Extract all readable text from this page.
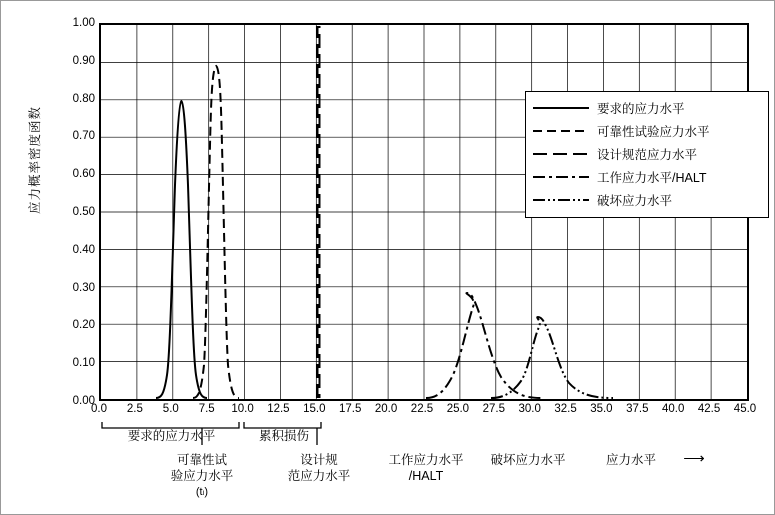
应力概率密度函数
1.00
0.90
0.80
0.70
0.60
0.50
0.40
0.30
0.20
0.10
0.00
要求的应力水平
可靠性试验应力水平
设计规范应力水平
工作应力水平/HALT
破坏应力水平
0.0	2.5	5.0	7.5	10.0	12.5	15.0	17.5	20.0	22.5	25.0	27.5	30.0	32.5	35.0	37.5	40.0	42.5	45.0
要求的应力水平	累积损伤
可靠性试
验应力水平
(tₗ)
设计规
范应力水平
工作应力水平
/HALT
破坏应力水平	应力水平	⟶
